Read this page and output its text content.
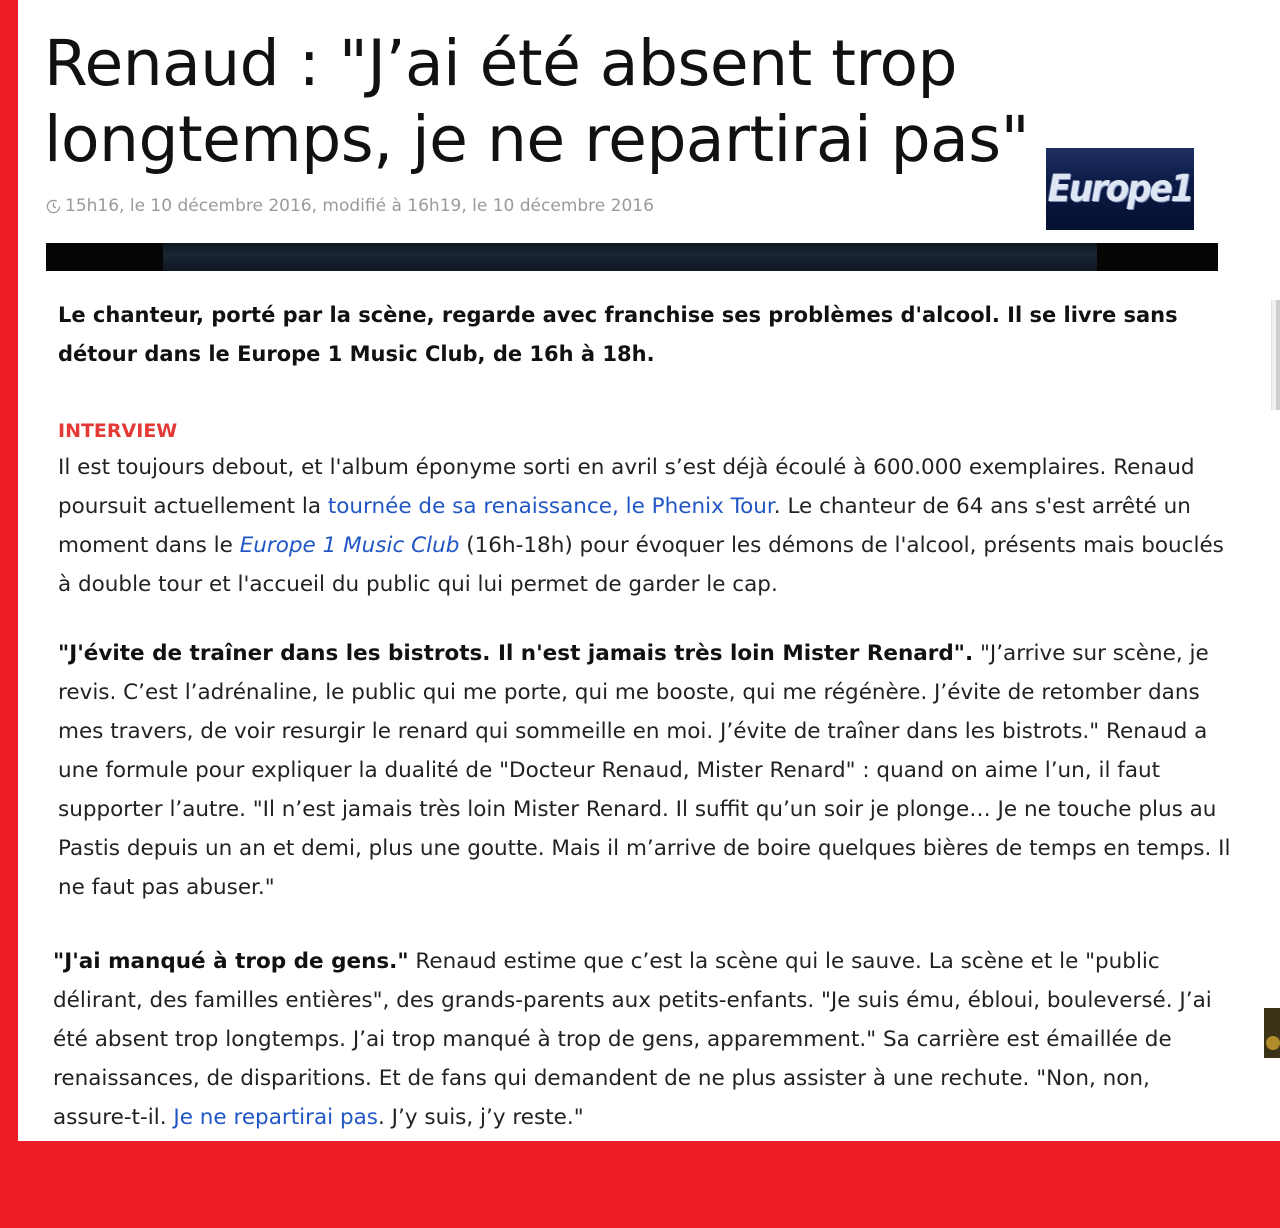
Renaud : "J’ai été absent trop longtemps, je ne repartirai pas"
15h16, le 10 décembre 2016, modifié à 16h19, le 10 décembre 2016	Europe1

Le chanteur, porté par la scène, regarde avec franchise ses problèmes d'alcool. Il se livre sans détour dans le Europe 1 Music Club, de 16h à 18h.

INTERVIEW

Il est toujours debout, et l'album éponyme sorti en avril s’est déjà écoulé à 600.000 exemplaires. Renaud poursuit actuellement la tournée de sa renaissance, le Phenix Tour. Le chanteur de 64 ans s'est arrêté un moment dans le Europe 1 Music Club (16h-18h) pour évoquer les démons de l'alcool, présents mais bouclés à double tour et l'accueil du public qui lui permet de garder le cap.

"J'évite de traîner dans les bistrots. Il n'est jamais très loin Mister Renard". "J’arrive sur scène, je revis. C’est l’adrénaline, le public qui me porte, qui me booste, qui me régénère. J’évite de retomber dans mes travers, de voir resurgir le renard qui sommeille en moi. J’évite de traîner dans les bistrots." Renaud a une formule pour expliquer la dualité de "Docteur Renaud, Mister Renard" : quand on aime l’un, il faut supporter l’autre. "Il n’est jamais très loin Mister Renard. Il suffit qu’un soir je plonge… Je ne touche plus au Pastis depuis un an et demi, plus une goutte. Mais il m’arrive de boire quelques bières de temps en temps. Il ne faut pas abuser."

"J'ai manqué à trop de gens." Renaud estime que c’est la scène qui le sauve. La scène et le "public délirant, des familles entières", des grands-parents aux petits-enfants. "Je suis ému, ébloui, bouleversé. J’ai été absent trop longtemps. J’ai trop manqué à trop de gens, apparemment." Sa carrière est émaillée de renaissances, de disparitions. Et de fans qui demandent de ne plus assister à une rechute. "Non, non, assure-t-il. Je ne repartirai pas. J’y suis, j’y reste."
